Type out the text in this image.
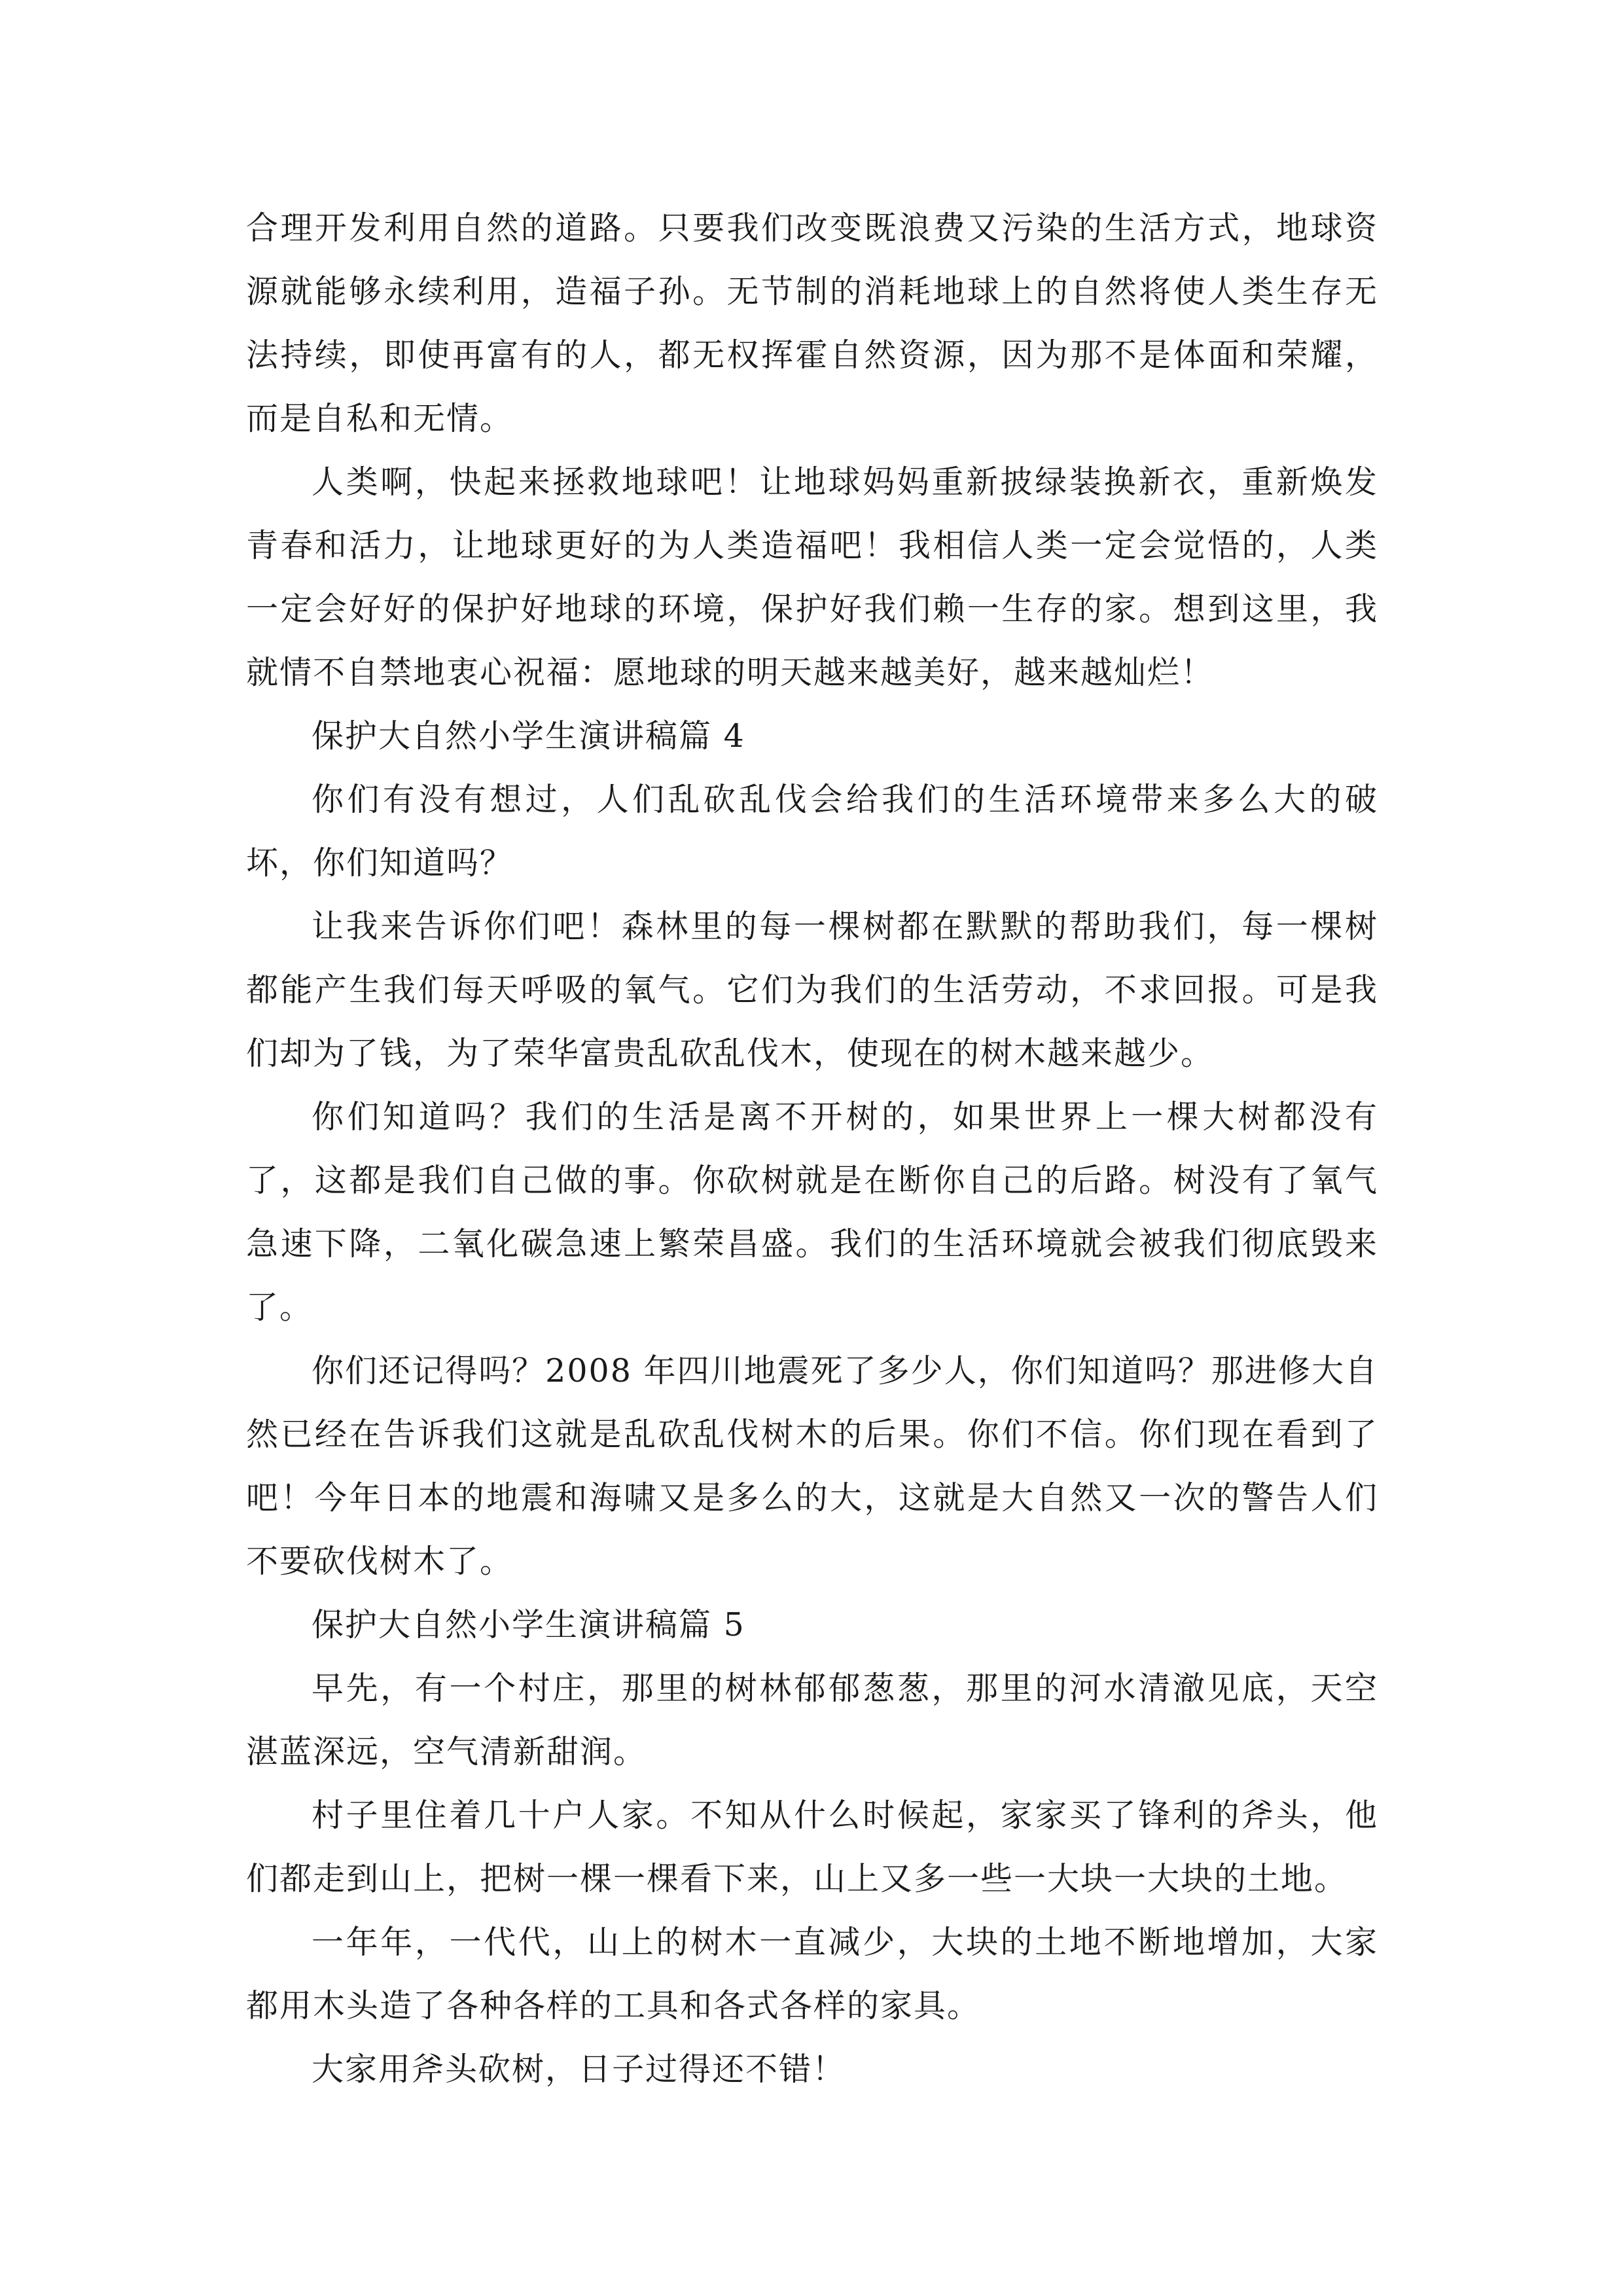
合理开发利用自然的道路。只要我们改变既浪费又污染的生活方式，地球资源就能够永续利用，造福子孙。无节制的消耗地球上的自然将使人类生存无法持续，即使再富有的人，都无权挥霍自然资源，因为那不是体面和荣耀，而是自私和无情。

人类啊，快起来拯救地球吧！让地球妈妈重新披绿装换新衣，重新焕发青春和活力，让地球更好的为人类造福吧！我相信人类一定会觉悟的，人类一定会好好的保护好地球的环境，保护好我们赖一生存的家。想到这里，我就情不自禁地衷心祝福：愿地球的明天越来越美好，越来越灿烂！

保护大自然小学生演讲稿篇 4

你们有没有想过，人们乱砍乱伐会给我们的生活环境带来多么大的破坏，你们知道吗？

让我来告诉你们吧！森林里的每一棵树都在默默的帮助我们，每一棵树都能产生我们每天呼吸的氧气。它们为我们的生活劳动，不求回报。可是我们却为了钱，为了荣华富贵乱砍乱伐木，使现在的树木越来越少。

你们知道吗？我们的生活是离不开树的，如果世界上一棵大树都没有了，这都是我们自己做的事。你砍树就是在断你自己的后路。树没有了氧气急速下降，二氧化碳急速上繁荣昌盛。我们的生活环境就会被我们彻底毁来了。

你们还记得吗？2008 年四川地震死了多少人，你们知道吗？那进修大自然已经在告诉我们这就是乱砍乱伐树木的后果。你们不信。你们现在看到了吧！今年日本的地震和海啸又是多么的大，这就是大自然又一次的警告人们不要砍伐树木了。

保护大自然小学生演讲稿篇 5

早先，有一个村庄，那里的树林郁郁葱葱，那里的河水清澈见底，天空湛蓝深远，空气清新甜润。

村子里住着几十户人家。不知从什么时候起，家家买了锋利的斧头，他们都走到山上，把树一棵一棵看下来，山上又多一些一大块一大块的土地。

一年年，一代代，山上的树木一直减少，大块的土地不断地增加，大家都用木头造了各种各样的工具和各式各样的家具。

大家用斧头砍树，日子过得还不错！
